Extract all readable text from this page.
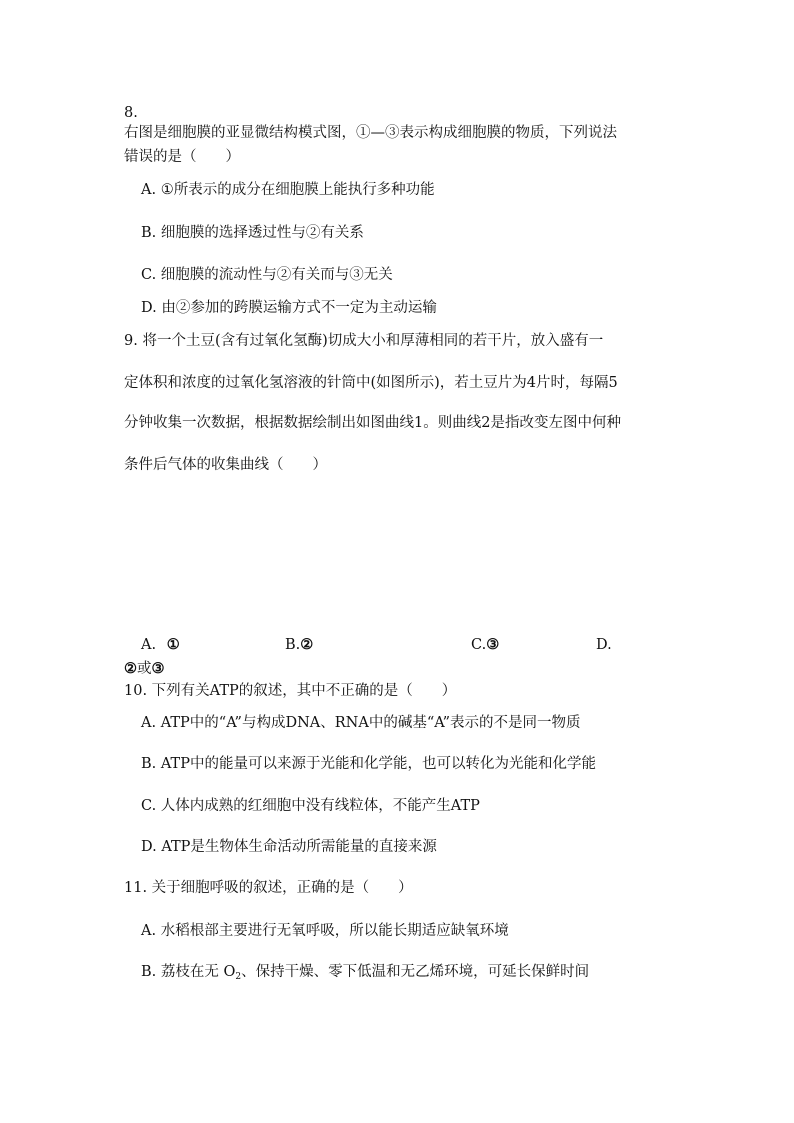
8.
右图是细胞膜的亚显微结构模式图，①—③表示构成细胞膜的物质，下列说法
错误的是（　　）
A. ①所表示的成分在细胞膜上能执行多种功能
B. 细胞膜的选择透过性与②有关系
C. 细胞膜的流动性与②有关而与③无关
D. 由②参加的跨膜运输方式不一定为主动运输
9. 将一个土豆(含有过氧化氢酶)切成大小和厚薄相同的若干片，放入盛有一
定体积和浓度的过氧化氢溶液的针筒中(如图所示)，若土豆片为4片时，每隔5
分钟收集一次数据，根据数据绘制出如图曲线1。则曲线2是指改变左图中何种
条件后气体的收集曲线（　　）
A. ①	B.②	C.③	D.
②或③
10. 下列有关ATP的叙述，其中不正确的是（　　）
A. ATP中的“A”与构成DNA、RNA中的碱基“A”表示的不是同一物质
B. ATP中的能量可以来源于光能和化学能，也可以转化为光能和化学能
C. 人体内成熟的红细胞中没有线粒体，不能产生ATP
D. ATP是生物体生命活动所需能量的直接来源
11. 关于细胞呼吸的叙述，正确的是（　　）
A. 水稻根部主要进行无氧呼吸，所以能长期适应缺氧环境
B. 荔枝在无 $O_2$、保持干燥、零下低温和无乙烯环境，可延长保鲜时间
